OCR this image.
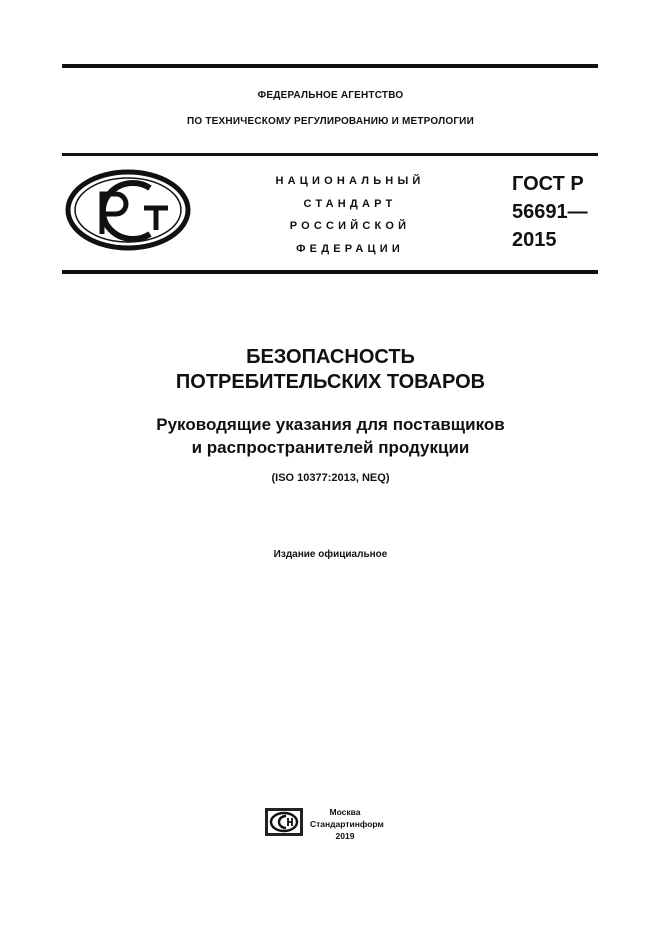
ФЕДЕРАЛЬНОЕ АГЕНТСТВО
ПО ТЕХНИЧЕСКОМУ РЕГУЛИРОВАНИЮ И МЕТРОЛОГИИ
НАЦИОНАЛЬНЫЙ
СТАНДАРТ
РОССИЙСКОЙ
ФЕДЕРАЦИИ
ГОСТ Р
56691—
2015
БЕЗОПАСНОСТЬ
ПОТРЕБИТЕЛЬСКИХ ТОВАРОВ
Руководящие указания для поставщиков
и распространителей продукции
(ISO 10377:2013, NEQ)
Издание официальное
Москва
Стандартинформ
2019
